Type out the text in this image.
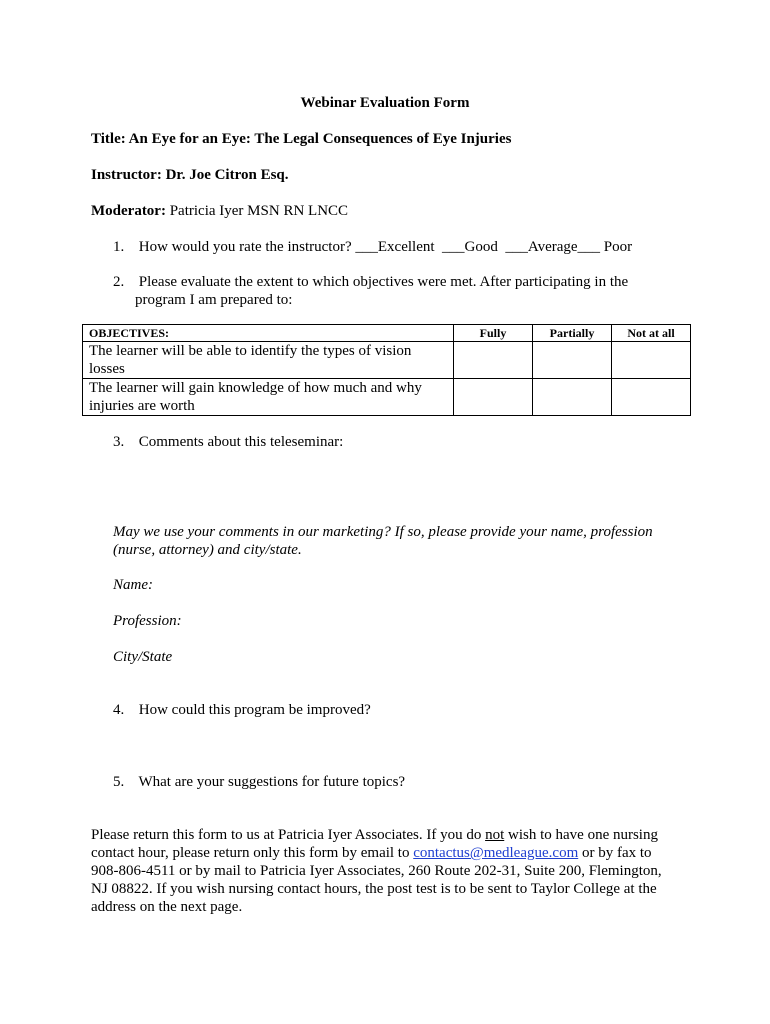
Webinar Evaluation Form
Title: An Eye for an Eye: The Legal Consequences of Eye Injuries
Instructor: Dr. Joe Citron Esq.
Moderator: Patricia Iyer MSN RN LNCC
1. How would you rate the instructor? ___Excellent  ___Good  ___Average___ Poor
2. Please evaluate the extent to which objectives were met. After participating in the
program I am prepared to:
OBJECTIVES:	Fully	Partially	Not at all

The learner will be able to identify the types of vision
losses			

The learner will gain knowledge of how much and why
injuries are worth			

3. Comments about this teleseminar:
May we use your comments in our marketing? If so, please provide your name, profession
(nurse, attorney) and city/state.
Name:
Profession:
City/State
4. How could this program be improved?
5. What are your suggestions for future topics?
Please return this form to us at Patricia Iyer Associates. If you do not wish to have one nursing
contact hour, please return only this form by email to contactus@medleague.com or by fax to
908-806-4511 or by mail to Patricia Iyer Associates, 260 Route 202-31, Suite 200, Flemington,
NJ 08822. If you wish nursing contact hours, the post test is to be sent to Taylor College at the
address on the next page.
